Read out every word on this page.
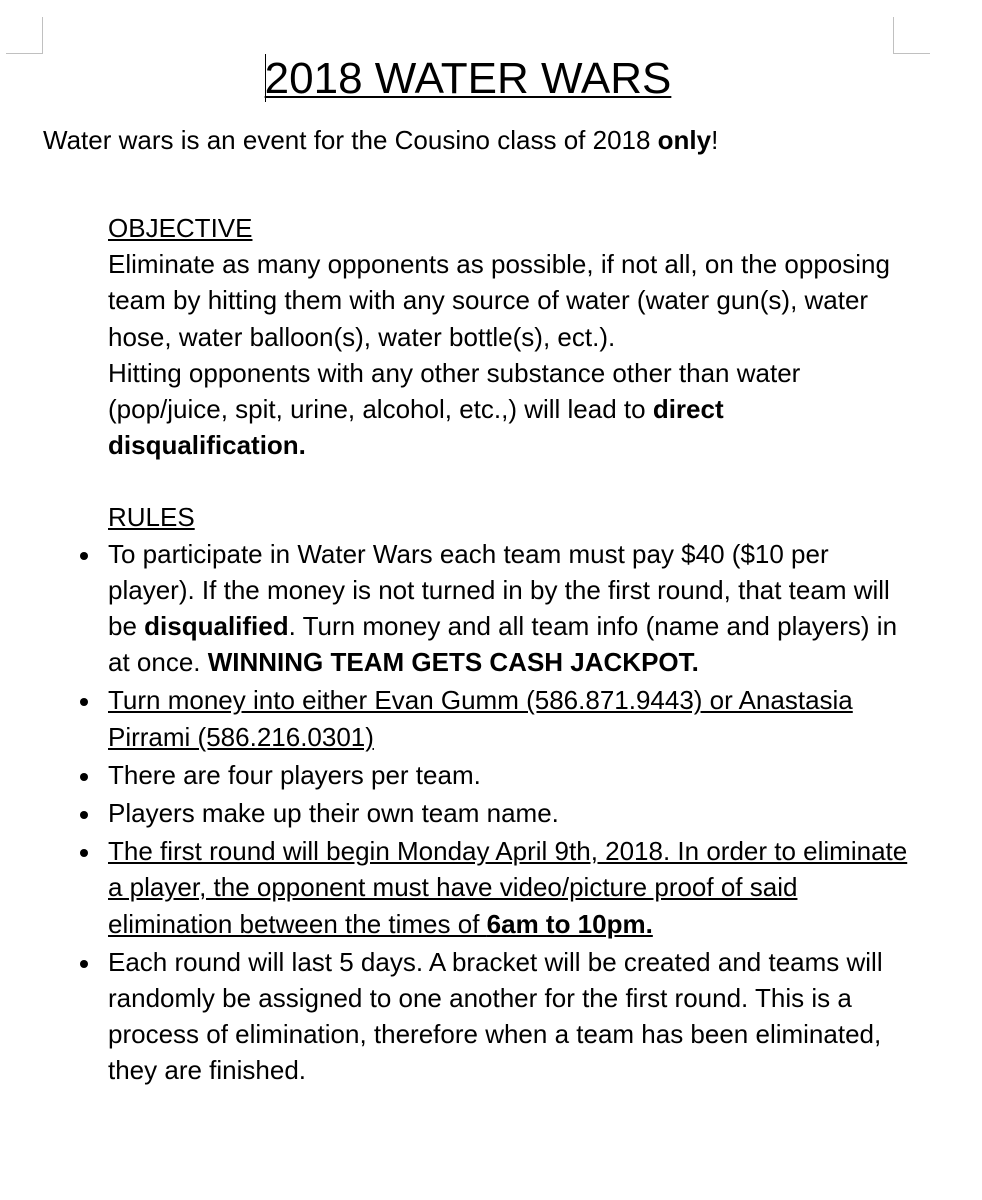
2018 WATER WARS

Water wars is an event for the Cousino class of 2018 only!

OBJECTIVE

Eliminate as many opponents as possible, if not all, on the opposing team by hitting them with any source of water (water gun(s), water hose, water balloon(s), water bottle(s), ect.).

Hitting opponents with any other substance other than water (pop/juice, spit, urine, alcohol, etc.,) will lead to direct disqualification.

RULES
To participate in Water Wars each team must pay $40 ($10 per player). If the money is not turned in by the first round, that team will be disqualified. Turn money and all team info (name and players) in at once. WINNING TEAM GETS CASH JACKPOT.
Turn money into either Evan Gumm (586.871.9443) or Anastasia Pirrami (586.216.0301)
There are four players per team.
Players make up their own team name.
The first round will begin Monday April 9th, 2018. In order to eliminate a player, the opponent must have video/picture proof of said elimination between the times of 6am to 10pm.
Each round will last 5 days. A bracket will be created and teams will randomly be assigned to one another for the first round. This is a process of elimination, therefore when a team has been eliminated, they are finished.
